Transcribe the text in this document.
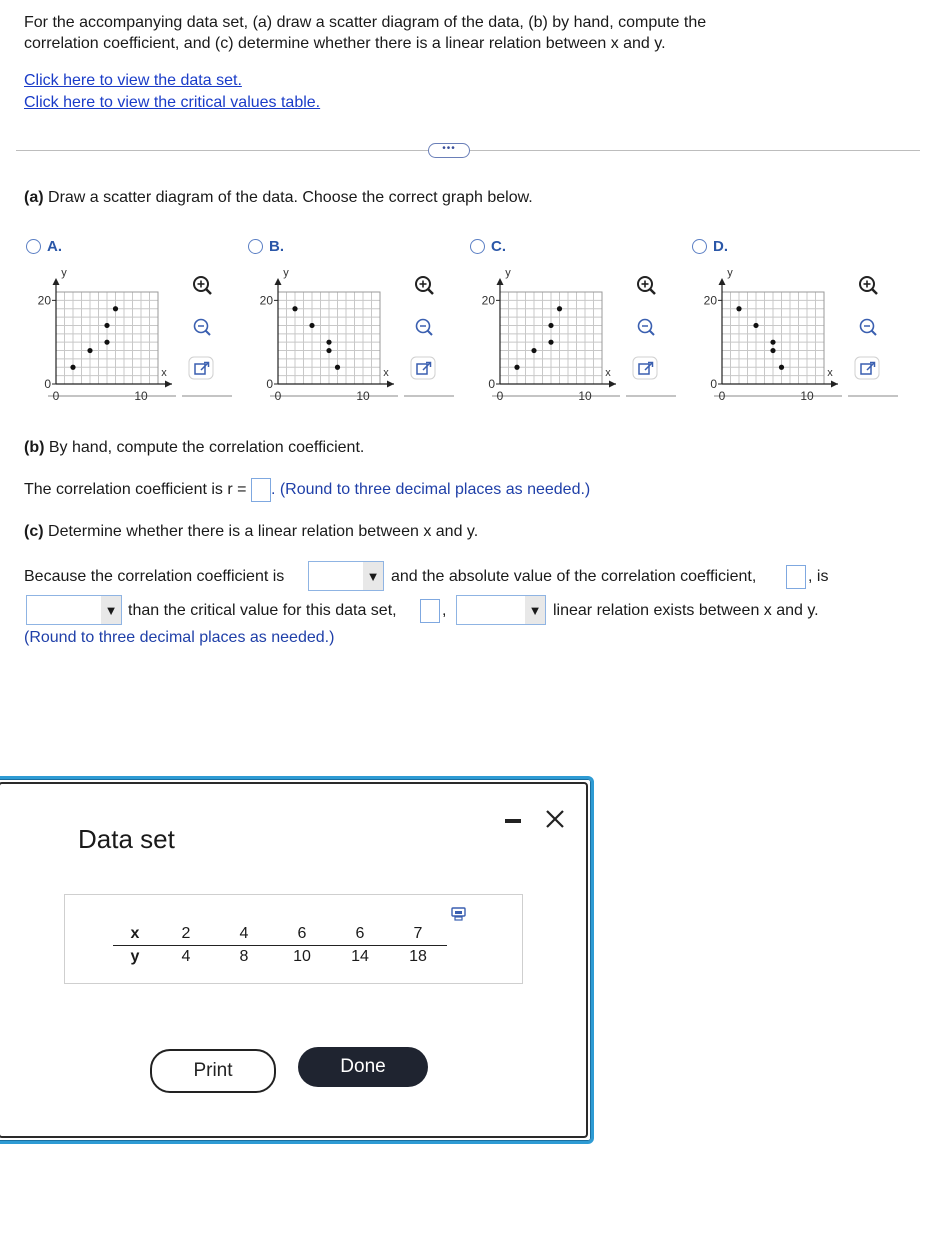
For the accompanying data set, (a) draw a scatter diagram of the data, (b) by hand, compute the correlation coefficient, and (c) determine whether there is a linear relation between x and y.
Click here to view the data set.
Click here to view the critical values table.
•••
(a) Draw a scatter diagram of the data. Choose the correct graph below.
A.
20
0
0	10
y
x
B.
20
0
0	10
y
x
C.
20
0
0	10
y
x
D.
20
0
0	10
y
x
(b) By hand, compute the correlation coefficient.
The correlation coefficient is r = . (Round to three decimal places as needed.)
(c) Determine whether there is a linear relation between x and y.
Because the correlation coefficient is	▼ and the absolute value of the correlation coefficient,	, is
▼ than the critical value for this data set,	,	▼ linear relation exists between x and y.
(Round to three decimal places as needed.)
Data set
x	2	4	6	6	7
y	4	8	10	14	18
Print	Done
